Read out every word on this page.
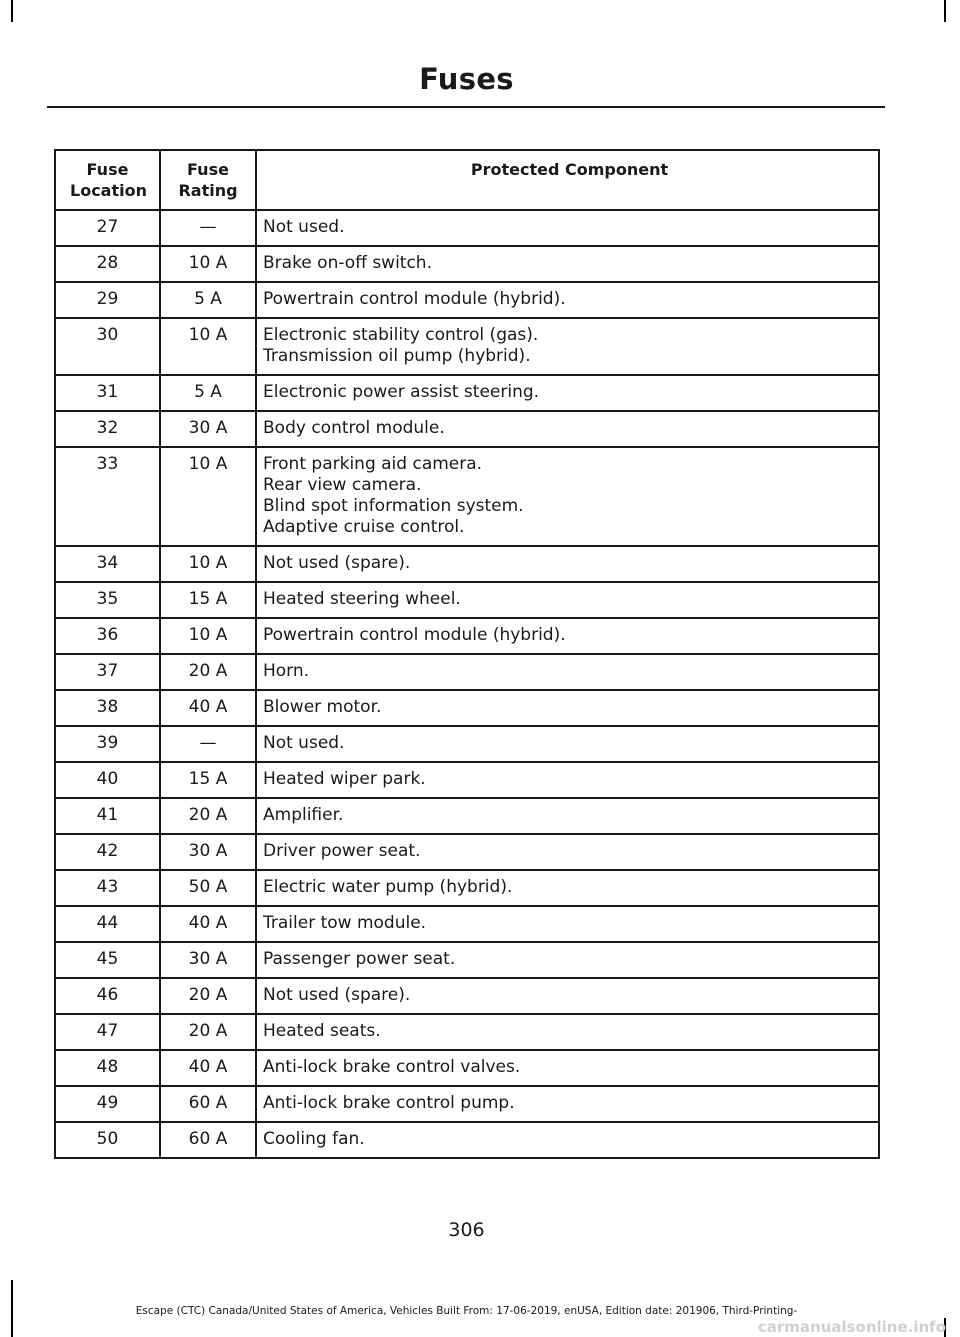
Fuses
Fuse Location	Fuse Rating	Protected Component
27	—	Not used.

28	10 A	Brake on-off switch.

29	5 A	Powertrain control module (hybrid).

30	10 A	Electronic stability control (gas).
Transmission oil pump (hybrid).

31	5 A	Electronic power assist steering.

32	30 A	Body control module.

33	10 A	Front parking aid camera.
Rear view camera.
Blind spot information system.
Adaptive cruise control.

34	10 A	Not used (spare).

35	15 A	Heated steering wheel.

36	10 A	Powertrain control module (hybrid).

37	20 A	Horn.

38	40 A	Blower motor.

39	—	Not used.

40	15 A	Heated wiper park.

41	20 A	Amplifier.

42	30 A	Driver power seat.

43	50 A	Electric water pump (hybrid).

44	40 A	Trailer tow module.

45	30 A	Passenger power seat.

46	20 A	Not used (spare).

47	20 A	Heated seats.

48	40 A	Anti-lock brake control valves.

49	60 A	Anti-lock brake control pump.

50	60 A	Cooling fan.
306
Escape (CTC) Canada/United States of America, Vehicles Built From: 17-06-2019, enUSA, Edition date: 201906, Third-Printing-
carmanualsonline.info
